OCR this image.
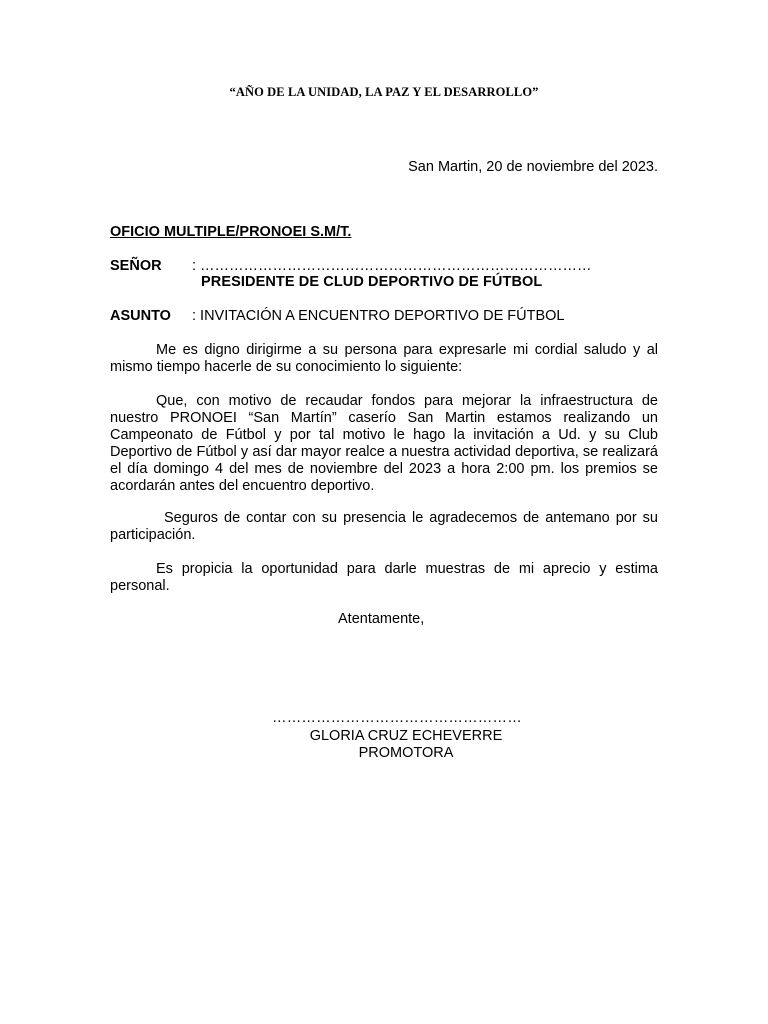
“AÑO DE LA UNIDAD, LA PAZ Y EL DESARROLLO”
San Martin, 20 de noviembre del 2023.
OFICIO MULTIPLE/PRONOEI S.M/T.
SEÑOR : ………………………………………………………………………
PRESIDENTE DE CLUD DEPORTIVO DE FÚTBOL
ASUNTO : INVITACIÓN A ENCUENTRO DEPORTIVO DE FÚTBOL

Me es digno dirigirme a su persona para expresarle mi cordial saludo y al mismo tiempo hacerle de su conocimiento lo siguiente:

Que, con motivo de recaudar fondos para mejorar la infraestructura de nuestro PRONOEI “San Martín” caserío San Martin estamos realizando un Campeonato de Fútbol y por tal motivo le hago la invitación a Ud. y su Club Deportivo de Fútbol y así dar mayor realce a nuestra actividad deportiva, se realizará el día domingo 4 del mes de noviembre del 2023 a hora 2:00 pm. los premios se acordarán antes del encuentro deportivo.

Seguros de contar con su presencia le agradecemos de antemano por su participación.

Es propicia la oportunidad para darle muestras de mi aprecio y estima personal.

Atentamente,
……………………………………………
GLORIA CRUZ ECHEVERRE
PROMOTORA
